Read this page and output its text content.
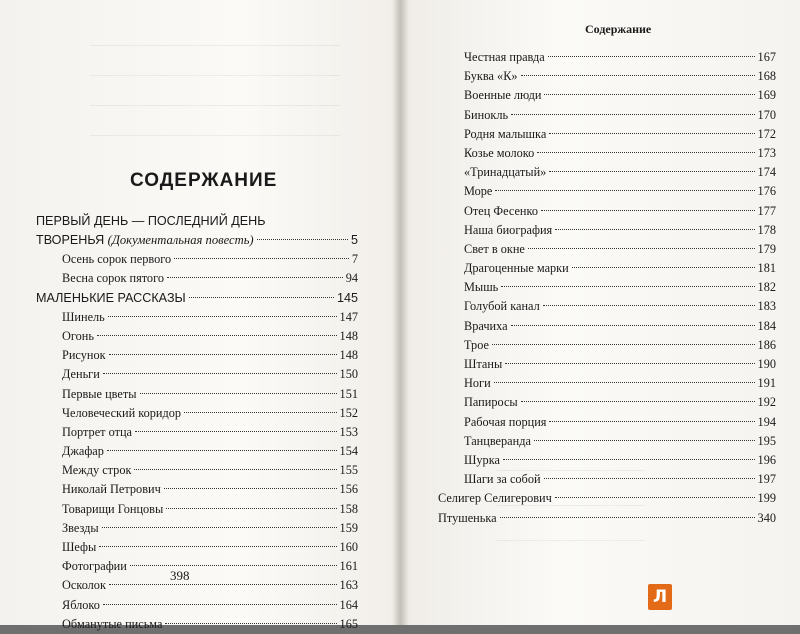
СОДЕРЖАНИЕ
ПЕРВЫЙ ДЕНЬ — ПОСЛЕДНИЙ ДЕНЬ
ТВОРЕНЬЯ (Документальная повесть)	5
Осень сорок первого	7
Весна сорок пятого	94
МАЛЕНЬКИЕ РАССКАЗЫ	145
Шинель	147
Огонь	148
Рисунок	148
Деньги	150
Первые цветы	151
Человеческий коридор	152
Портрет отца	153
Джафар	154
Между строк	155
Николай Петрович	156
Товарищи Гонцовы	158
Звезды	159
Шефы	160
Фотографии	161
Осколок	163
Яблоко	164
Обманутые письма	165
398
Содержание
Честная правда	167
Буква «К»	168
Военные люди	169
Бинокль	170
Родня малышка	172
Козье молоко	173
«Тринадцатый»	174
Море	176
Отец Фесенко	177
Наша биография	178
Свет в окне	179
Драгоценные марки	181
Мышь	182
Голубой канал	183
Врачиха	184
Трое	186
Штаны	190
Ноги	191
Папиросы	192
Рабочая порция	194
Танцверанда	195
Шурка	196
Шаги за собой	197
Селигер Селигерович	199
Птушенька	340
Л
